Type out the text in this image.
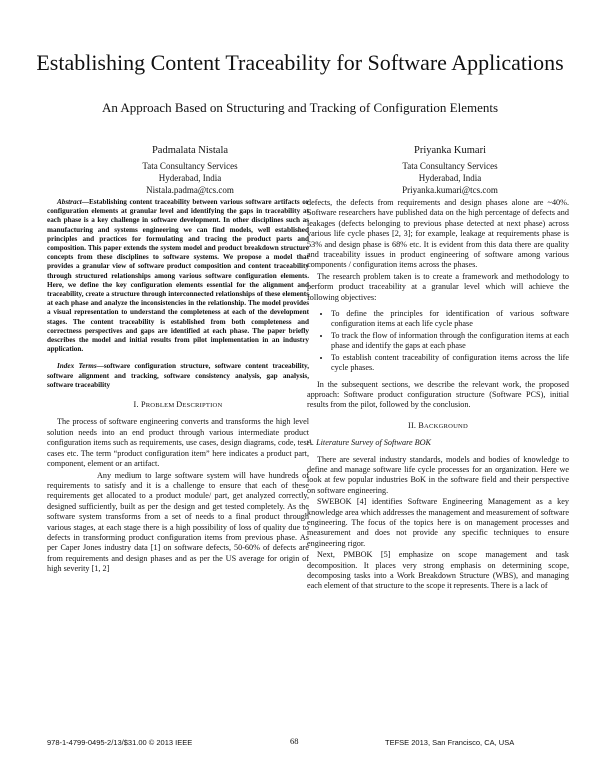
Establishing Content Traceability for Software Applications
An Approach Based on Structuring and Tracking of Configuration Elements
Padmalata Nistala
Tata Consultancy Services
Hyderabad, India
Nistala.padma@tcs.com
Priyanka Kumari
Tata Consultancy Services
Hyderabad, India
Priyanka.kumari@tcs.com

Abstract—Establishing content traceability between various software artifacts or configuration elements at granular level and identifying the gaps in traceability at each phase is a key challenge in software development. In other disciplines such as manufacturing and systems engineering we can find models, well established principles and practices for formulating and tracing the product parts and composition. This paper extends the system model and product breakdown structure concepts from these disciplines to software systems. We propose a model that provides a granular view of software product composition and content traceability through structured relationships among various software configuration elements. Here, we define the key configuration elements essential for the alignment and traceability, create a structure through interconnected relationships of these elements at each phase and analyze the inconsistencies in the relationship. The model provides a visual representation to understand the completeness at each of the development stages. The content traceability is established from both completeness and correctness perspectives and gaps are identified at each phase. The paper briefly describes the model and initial results from pilot implementation in an industry application.

Index Terms—software configuration structure, software content traceability, software alignment and tracking, software consistency analysis, gap analysis, software traceability

I. PROBLEM DESCRIPTION

The process of software engineering converts and transforms the high level solution needs into an end product through various intermediate product configuration items such as requirements, use cases, design diagrams, code, test cases etc. The term “product configuration item” here indicates a product part, component, element or an artifact.

Any medium to large software system will have hundreds of requirements to satisfy and it is a challenge to ensure that each of these requirements get allocated to a product module/ part, get analyzed correctly, designed sufficiently, built as per the design and get tested completely. As the software system transforms from a set of needs to a final product through various stages, at each stage there is a high possibility of loss of quality due to defects in transforming product configuration items from previous phase. As per Caper Jones industry data [1] on software defects, 50-60% of defects are from requirements and design phases and as per the US average for origin of high severity [1, 2]

defects, the defects from requirements and design phases alone are ~40%. Software researchers have published data on the high percentage of defects and leakages (defects belonging to previous phase detected at next phase) across various life cycle phases [2, 3]; for example, leakage at requirements phase is 53% and design phase is 68% etc. It is evident from this data there are quality and traceability issues in product engineering of software among various components / configuration items across the phases.

The research problem taken is to create a framework and methodology to perform product traceability at a granular level which will achieve the following objectives:

• To define the principles for identification of various software configuration items at each life cycle phase
• To track the flow of information through the configuration items at each phase and identify the gaps at each phase
• To establish content traceability of configuration items across the life cycle phases.

In the subsequent sections, we describe the relevant work, the proposed approach: Software product configuration structure (Software PCS), initial results from the pilot, followed by the conclusion.

II. BACKGROUND
A. Literature Survey of Software BOK

There are several industry standards, models and bodies of knowledge to define and manage software life cycle processes for an organization. Here we look at few popular industries BoK in the software field and their perspective on software engineering.

SWEBOK [4] identifies Software Engineering Management as a key knowledge area which addresses the management and measurement of software engineering. The focus of the topics here is on management processes and measurement and does not provide any specific techniques to ensure engineering rigor.

Next, PMBOK [5] emphasize on scope management and task decomposition. It places very strong emphasis on determining scope, decomposing tasks into a Work Breakdown Structure (WBS), and managing each element of that structure to the scope it represents. There is a lack of

978-1-4799-0495-2/13/$31.00 © 2013 IEEE	68	TEFSE 2013, San Francisco, CA, USA
